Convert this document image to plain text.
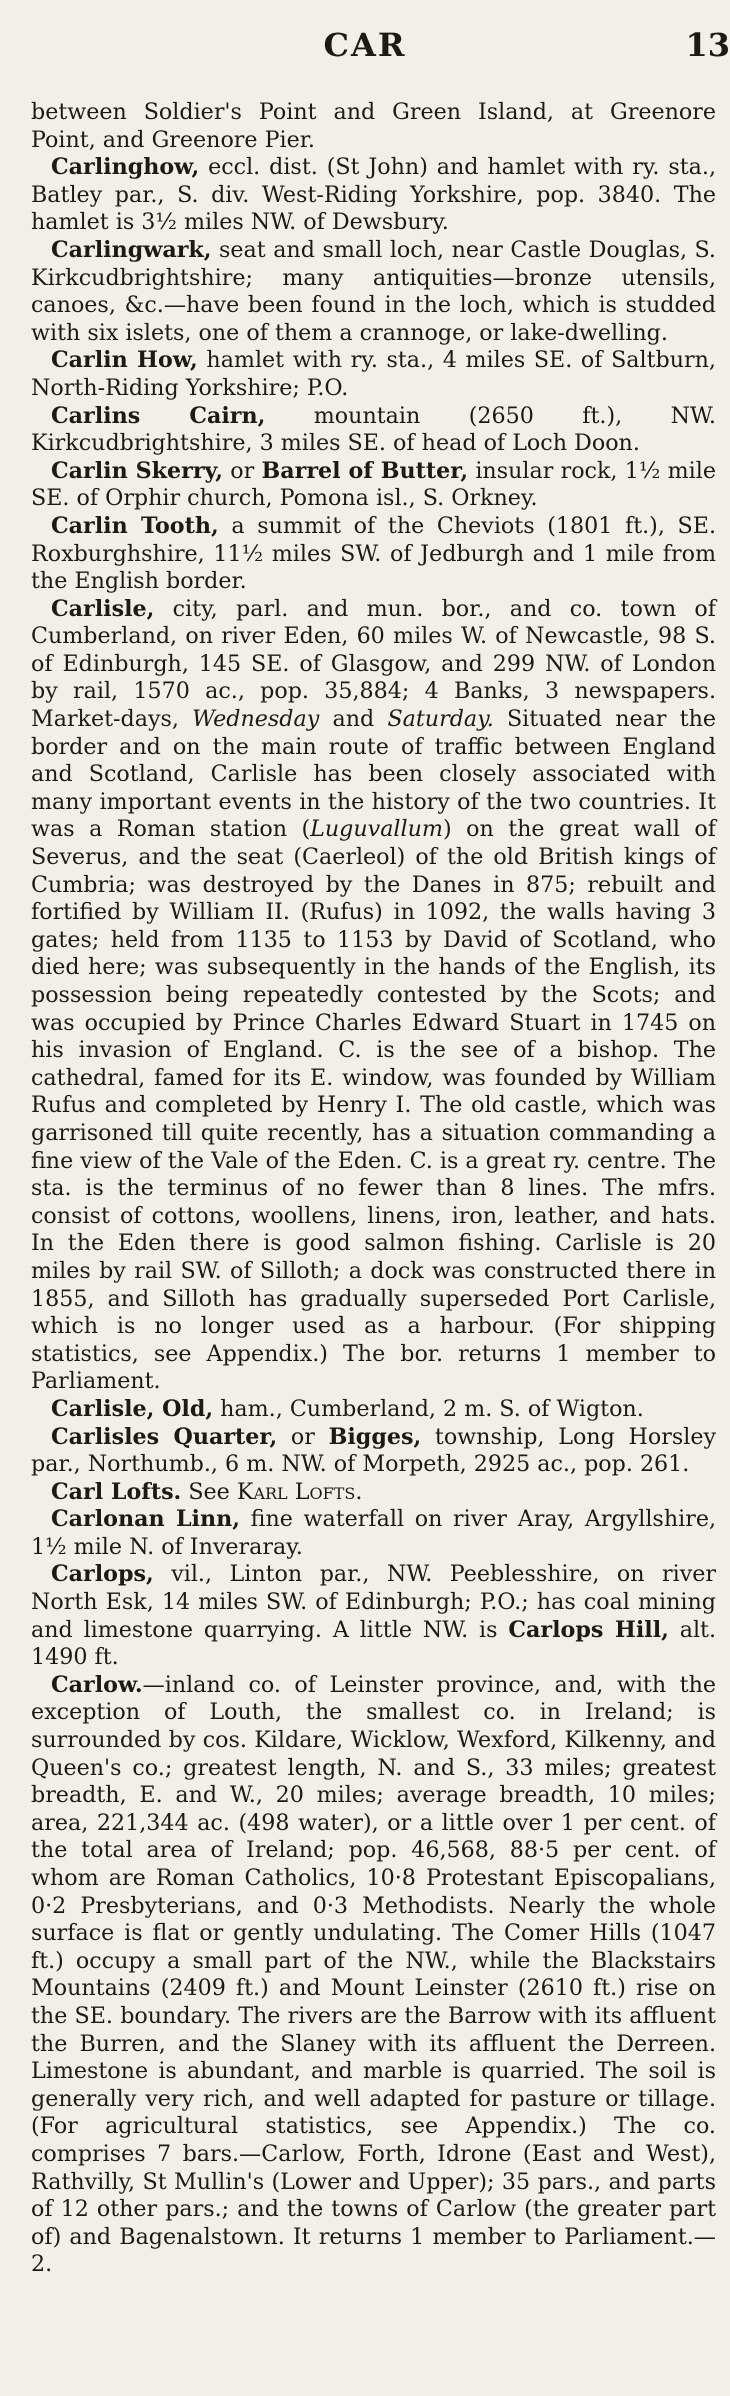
CAR	13

between Soldier's Point and Green Island, at Greenore Point, and Greenore Pier.

Carlinghow, eccl. dist. (St John) and hamlet with ry. sta., Batley par., S. div. West-Riding Yorkshire, pop. 3840. The hamlet is 3½ miles NW. of Dewsbury.

Carlingwark, seat and small loch, near Castle Douglas, S. Kirkcudbrightshire; many antiquities—bronze utensils, canoes, &c.—have been found in the loch, which is studded with six islets, one of them a crannoge, or lake-dwelling.

Carlin How, hamlet with ry. sta., 4 miles SE. of Saltburn, North-Riding Yorkshire; P.O.

Carlins Cairn, mountain (2650 ft.), NW. Kirkcudbrightshire, 3 miles SE. of head of Loch Doon.

Carlin Skerry, or Barrel of Butter, insular rock, 1½ mile SE. of Orphir church, Pomona isl., S. Orkney.

Carlin Tooth, a summit of the Cheviots (1801 ft.), SE. Roxburghshire, 11½ miles SW. of Jedburgh and 1 mile from the English border.

Carlisle, city, parl. and mun. bor., and co. town of Cumberland, on river Eden, 60 miles W. of Newcastle, 98 S. of Edinburgh, 145 SE. of Glasgow, and 299 NW. of London by rail, 1570 ac., pop. 35,884; 4 Banks, 3 newspapers. Market-days, Wednesday and Saturday. Situated near the border and on the main route of traffic between England and Scotland, Carlisle has been closely associated with many important events in the history of the two countries. It was a Roman station (Luguvallum) on the great wall of Severus, and the seat (Caerleol) of the old British kings of Cumbria; was destroyed by the Danes in 875; rebuilt and fortified by William II. (Rufus) in 1092, the walls having 3 gates; held from 1135 to 1153 by David of Scotland, who died here; was subsequently in the hands of the English, its possession being repeatedly contested by the Scots; and was occupied by Prince Charles Edward Stuart in 1745 on his invasion of England. C. is the see of a bishop. The cathedral, famed for its E. window, was founded by William Rufus and completed by Henry I. The old castle, which was garrisoned till quite recently, has a situation commanding a fine view of the Vale of the Eden. C. is a great ry. centre. The sta. is the terminus of no fewer than 8 lines. The mfrs. consist of cottons, woollens, linens, iron, leather, and hats. In the Eden there is good salmon fishing. Carlisle is 20 miles by rail SW. of Silloth; a dock was constructed there in 1855, and Silloth has gradually superseded Port Carlisle, which is no longer used as a harbour. (For shipping statistics, see Appendix.) The bor. returns 1 member to Parliament.

Carlisle, Old, ham., Cumberland, 2 m. S. of Wigton.

Carlisles Quarter, or Bigges, township, Long Horsley par., Northumb., 6 m. NW. of Morpeth, 2925 ac., pop. 261.

Carl Lofts. See Karl Lofts.

Carlonan Linn, fine waterfall on river Aray, Argyllshire, 1½ mile N. of Inveraray.

Carlops, vil., Linton par., NW. Peeblesshire, on river North Esk, 14 miles SW. of Edinburgh; P.O.; has coal mining and limestone quarrying. A little NW. is Carlops Hill, alt. 1490 ft.

Carlow.—inland co. of Leinster province, and, with the exception of Louth, the smallest co. in Ireland; is surrounded by cos. Kildare, Wicklow, Wexford, Kilkenny, and Queen's co.; greatest length, N. and S., 33 miles; greatest breadth, E. and W., 20 miles; average breadth, 10 miles; area, 221,344 ac. (498 water), or a little over 1 per cent. of the total area of Ireland; pop. 46,568, 88·5 per cent. of whom are Roman Catholics, 10·8 Protestant Episcopalians, 0·2 Presbyterians, and 0·3 Methodists. Nearly the whole surface is flat or gently undulating. The Comer Hills (1047 ft.) occupy a small part of the NW., while the Blackstairs Mountains (2409 ft.) and Mount Leinster (2610 ft.) rise on the SE. boundary. The rivers are the Barrow with its affluent the Burren, and the Slaney with its affluent the Derreen. Limestone is abundant, and marble is quarried. The soil is generally very rich, and well adapted for pasture or tillage. (For agricultural statistics, see Appendix.) The co. comprises 7 bars.—Carlow, Forth, Idrone (East and West), Rathvilly, St Mullin's (Lower and Upper); 35 pars., and parts of 12 other pars.; and the towns of Carlow (the greater part of) and Bagenalstown. It returns 1 member to Parliament.—2.
